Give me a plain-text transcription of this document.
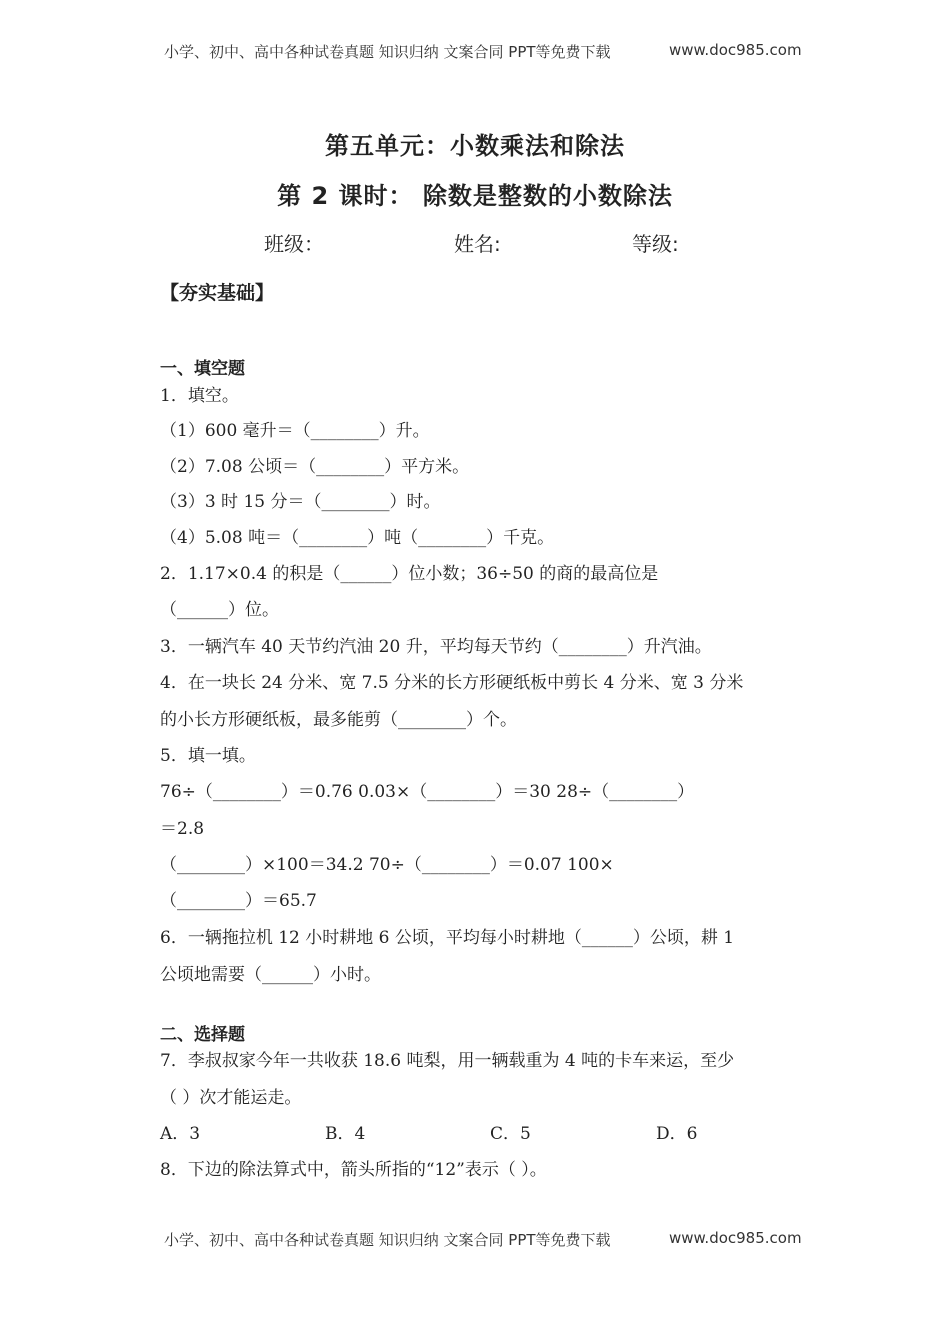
小学、初中、高中各种试卷真题 知识归纳 文案合同 PPT等免费下载	www.doc985.com
第五单元：小数乘法和除法
第 2 课时： 除数是整数的小数除法
班级：	姓名:	等级:
【夯实基础】
一、填空题
1．填空。
（1）600 毫升＝（________）升。
（2）7.08 公顷＝（________）平方米。
（3）3 时 15 分＝（________）时。
（4）5.08 吨＝（________）吨（________）千克。
2．1.17×0.4 的积是（______）位小数；36÷50 的商的最高位是
（______）位。
3．一辆汽车 40 天节约汽油 20 升，平均每天节约（________）升汽油。
4．在一块长 24 分米、宽 7.5 分米的长方形硬纸板中剪长 4 分米、宽 3 分米
的小长方形硬纸板，最多能剪（________）个。
5．填一填。
76÷（________）＝0.76 0.03×（________）＝30 28÷（________）
＝2.8
（________）×100＝34.2 70÷（________）＝0.07 100×
（________）＝65.7
6．一辆拖拉机 12 小时耕地 6 公顷，平均每小时耕地（______）公顷，耕 1
公顷地需要（______）小时。
二、选择题
7．李叔叔家今年一共收获 18.6 吨梨，用一辆载重为 4 吨的卡车来运，至少
（ ）次才能运走。
A．3	B．4	C．5	D．6
8．下边的除法算式中，箭头所指的“12”表示（ ）。
小学、初中、高中各种试卷真题 知识归纳 文案合同 PPT等免费下载	www.doc985.com
